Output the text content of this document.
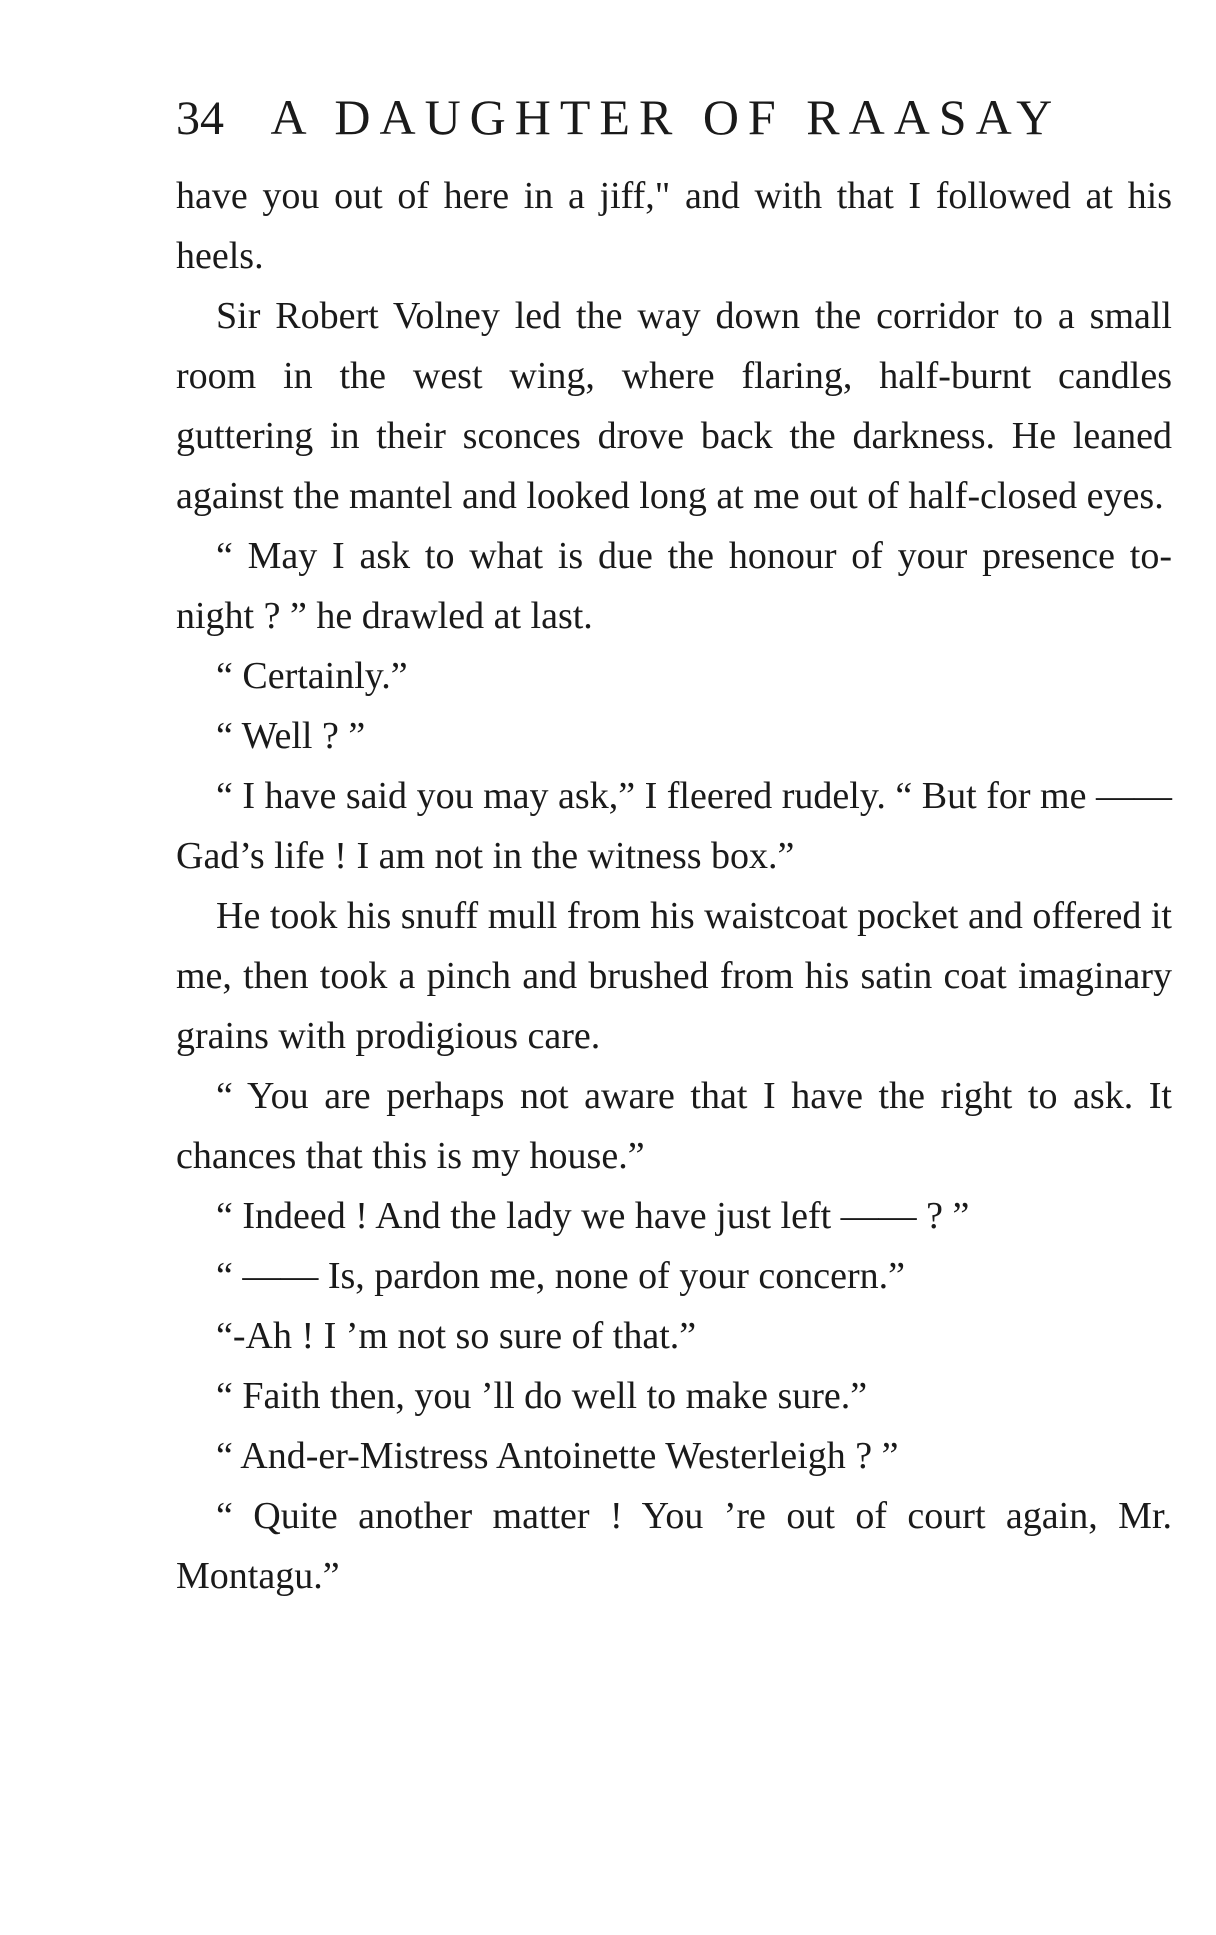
34 A DAUGHTER OF RAASAY

have you out of here in a jiff," and with that I followed at his heels.

Sir Robert Volney led the way down the corridor to a small room in the west wing, where flaring, half-burnt candles guttering in their sconces drove back the darkness. He leaned against the mantel and looked long at me out of half-closed eyes.

“ May I ask to what is due the honour of your presence to-night ? ” he drawled at last.

“ Certainly.”

“ Well ? ”

“ I have said you may ask,” I fleered rudely. “ But for me —— Gad’s life ! I am not in the witness box.”

He took his snuff mull from his waistcoat pocket and offered it me, then took a pinch and brushed from his satin coat imaginary grains with prodigious care.

“ You are perhaps not aware that I have the right to ask. It chances that this is my house.”

“ Indeed ! And the lady we have just left —— ? ”

“ —— Is, pardon me, none of your concern.”

“-Ah ! I ’m not so sure of that.”

“ Faith then, you ’ll do well to make sure.”

“ And-er-Mistress Antoinette Westerleigh ? ”

“ Quite another matter ! You ’re out of court again, Mr. Montagu.”
